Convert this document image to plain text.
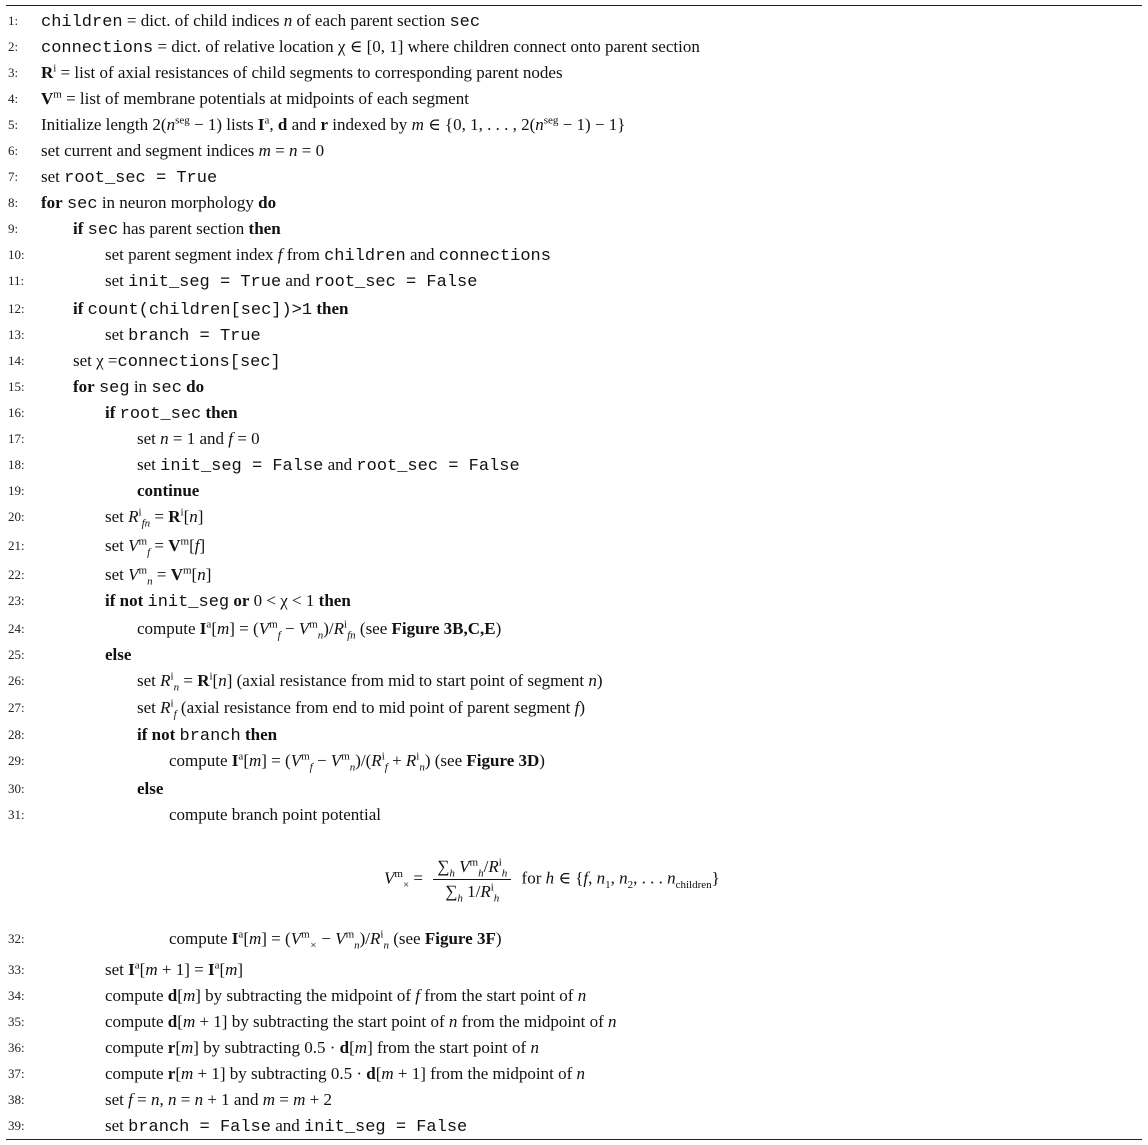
1:	children = dict. of child indices n of each parent section sec
2:	connections = dict. of relative location χ ∈ [0, 1] where children connect onto parent section
3:	$R^i$ = list of axial resistances of child segments to corresponding parent nodes
4:	$V^m$ = list of membrane potentials at midpoints of each segment
5:	Initialize length $2(n^{seg} - 1)$ lists $I^a$, d and r indexed by m ∈ {0, 1, . . . , $2(n^{seg} - 1) - 1$}
6:	set current and segment indices m = n = 0
7:	set root_sec = True
8:	for sec in neuron morphology do
9:	if sec has parent section then
10:	set parent segment index f from children and connections
11:	set init_seg = True and root_sec = False
12:	if count(children[sec])>1 then
13:	set branch = True
14:	set χ =connections[sec]
15:	for seg in sec do
16:	if root_sec then
17:	set n = 1 and f = 0
18:	set init_seg = False and root_sec = False
19:	continue
20:	set $R^i_{fn} = R^i[n]$
21:	set $V^m_f = V^m[f]$
22:	set $V^m_n = V^m[n]$
23:	if not init_seg or 0 < χ < 1 then
24:	compute $I^a[m] = (V^m_f - V^m_n)/R^i_{fn}$ (see Figure 3B,C,E)
25:	else
26:	set $R^i_n = R^i[n]$ (axial resistance from mid to start point of segment n)
27:	set $R^i_f$ (axial resistance from end to mid point of parent segment f)
28:	if not branch then
29:	compute $I^a[m] = (V^m_f - V^m_n)/(R^i_f + R^i_n)$ (see Figure 3D)
30:	else
31:	compute branch point potential
32:	compute $I^a[m] = (V^m_\times - V^m_n)/R^i_n$ (see Figure 3F)
33:	set $I^a[m + 1] = I^a[m]$
34:	compute d[m] by subtracting the midpoint of f from the start point of n
35:	compute d[m + 1] by subtracting the start point of n from the midpoint of n
36:	compute r[m] by subtracting 0.5 · d[m] from the start point of n
37:	compute r[m + 1] by subtracting 0.5 · d[m + 1] from the midpoint of n
38:	set f = n, n = n + 1 and m = m + 2
39:	set branch = False and init_seg = False
$V^m_\times = \frac{\sum_h V^m_h/R^i_h}{\sum_h 1/R^i_h}$ for h ∈ {f, $n_1$, $n_2$, . . . $n_{children}$}
